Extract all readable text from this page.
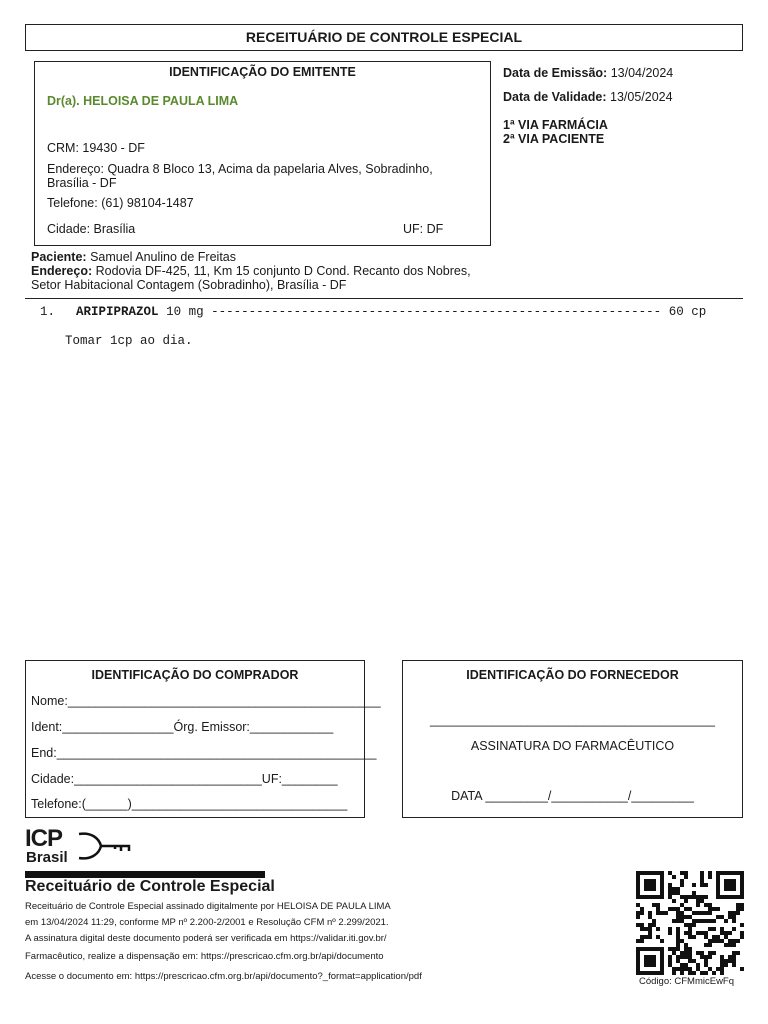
RECEITUÁRIO DE CONTROLE ESPECIAL
IDENTIFICAÇÃO DO EMITENTE
Dr(a). HELOISA DE PAULA LIMA
CRM: 19430 - DF
Endereço: Quadra 8 Bloco 13, Acima da papelaria Alves, Sobradinho,
Brasília - DF
Telefone: (61) 98104-1487
Cidade: Brasília	UF: DF
Data de Emissão: 13/04/2024
Data de Validade: 13/05/2024
1ª VIA FARMÁCIA
2ª VIA PACIENTE
Paciente: Samuel Anulino de Freitas
Endereço: Rodovia DF-425, 11, Km 15 conjunto D Cond. Recanto dos Nobres,
Setor Habitacional Contagem (Sobradinho), Brasília - DF
1. ARIPIPRAZOL 10 mg ------------------------------------------------------------ 60 cp
Tomar 1cp ao dia.
IDENTIFICAÇÃO DO COMPRADOR
Nome:_____________________________________________
Ident:________________Órg. Emissor:____________
End:______________________________________________
Cidade:___________________________UF:________
Telefone:(______)_______________________________
IDENTIFICAÇÃO DO FORNECEDOR
_________________________________________
ASSINATURA DO FARMACÊUTICO
DATA _________/___________/_________
ICP
Brasil
Receituário de Controle Especial
Receituário de Controle Especial assinado digitalmente por HELOISA DE PAULA LIMA
em 13/04/2024 11:29, conforme MP nº 2.200-2/2001 e Resolução CFM nº 2.299/2021.
A assinatura digital deste documento poderá ser verificada em https://validar.iti.gov.br/
Farmacêutico, realize a dispensação em: https://prescricao.cfm.org.br/api/documento
Acesse o documento em: https://prescricao.cfm.org.br/api/documento?_format=application/pdf	Código: CFMmicEwFq
